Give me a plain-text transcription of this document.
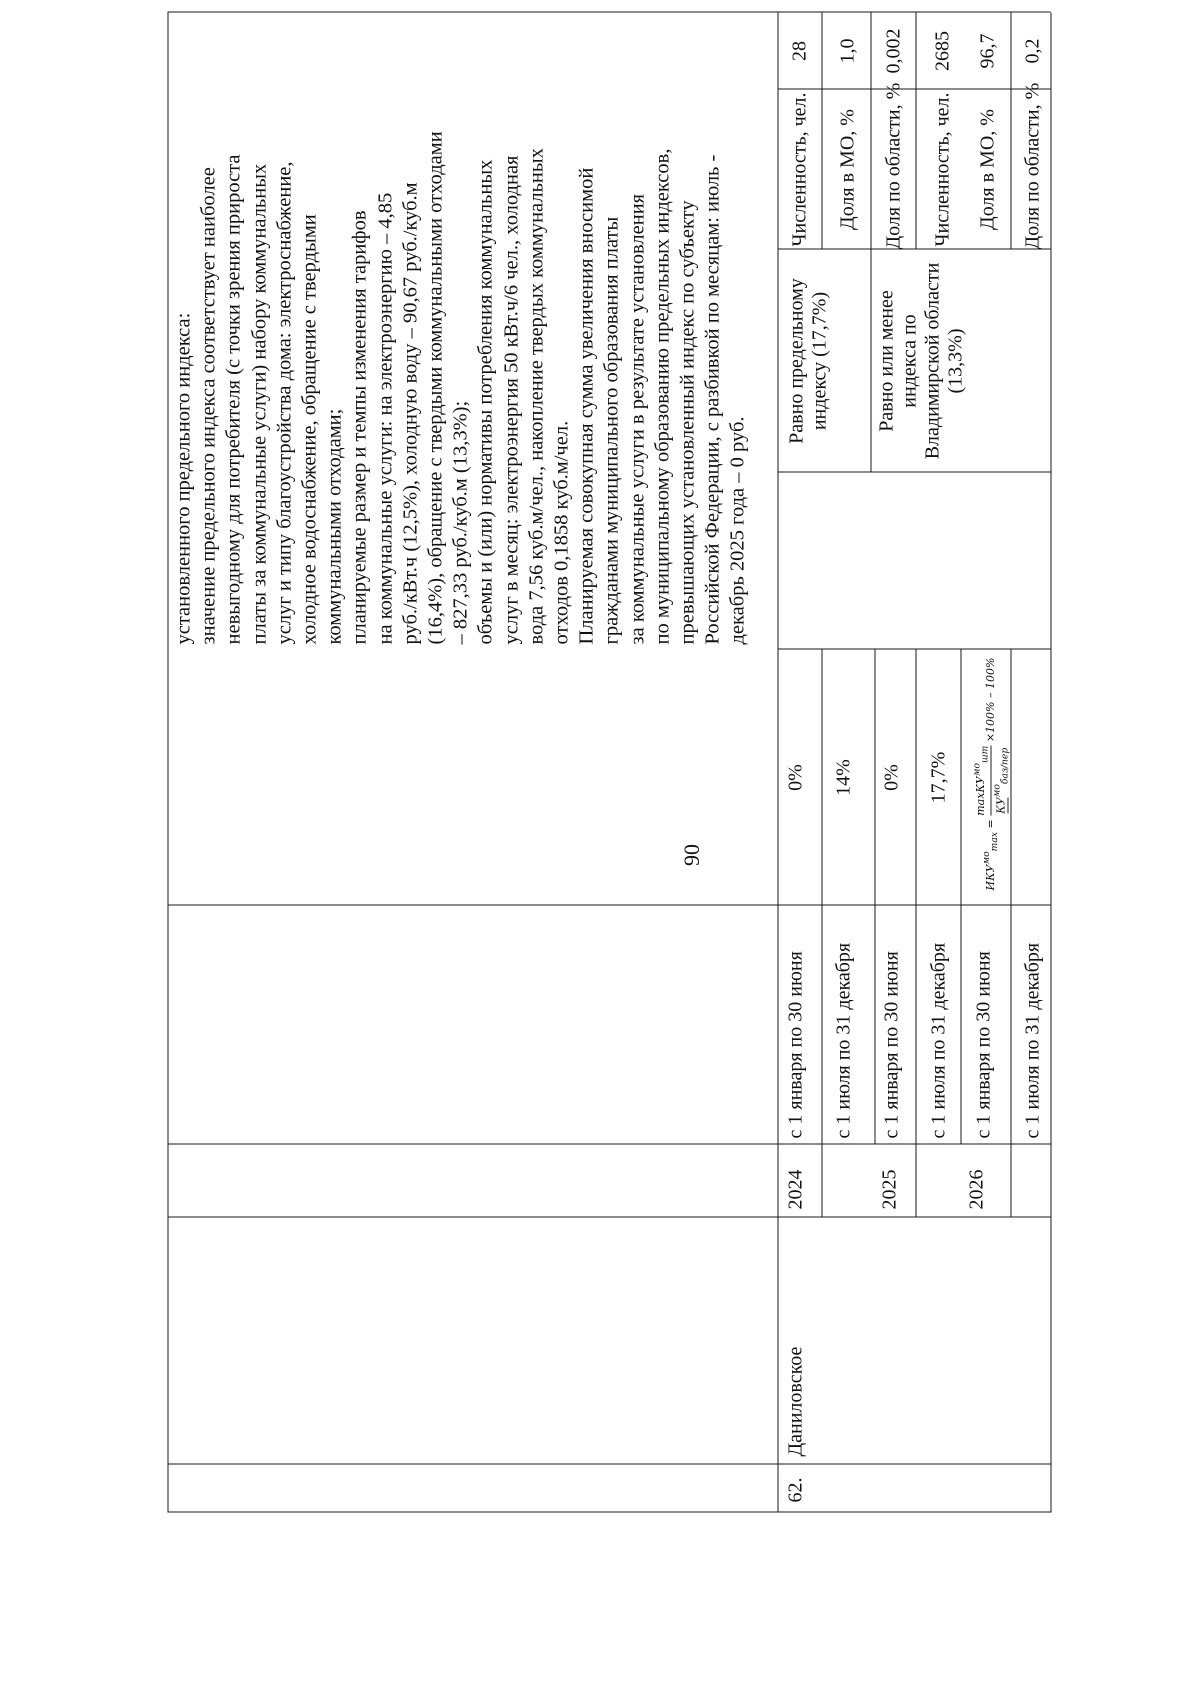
90
62.
Даниловское
2024	2025	2026
с 1 января по 30 июня с 1 июля по 31 декабря с 1 января по 30 июня с 1 июля по 31 декабря с 1 января по 30 июня с 1 июля по 31 декабря
0% 14% 0% 17,7%
$ИКУ^{мо}_{max}$ =
maxКУ$^{мо}_{шт}$
$КУ^{мо}_{баз/пер}$
×100% – 100%
установленного предельного индекса: значение предельного индекса соответствует наиболее невыгодному для потребителя (с точки зрения прироста платы за коммунальные услуги) набору коммунальных услуг и типу благоустройства дома: электроснабжение, холодное водоснабжение, обращение с твердыми коммунальными отходами; планируемые размер и темпы изменения тарифов на коммунальные услуги: на электроэнергию – 4,85 руб./кВт.ч (12,5%), холодную воду – 90,67 руб./куб.м (16,4%), обращение с твердыми коммунальными отходами – 827,33 руб./куб.м (13,3%); объемы и (или) нормативы потребления коммунальных услуг в месяц: электроэнергия 50 кВт.ч/6 чел., холодная вода 7,56 куб.м/чел., накопление твердых коммунальных отходов 0,1858 куб.м/чел. Планируемая совокупная сумма увеличения вносимой гражданами муниципального образования платы за коммунальные услуги в результате установления по муниципальному образованию предельных индексов, превышающих установленный индекс по субъекту Российской Федерации, с разбивкой по месяцам: июль - декабрь 2025 года – 0 руб.
Равно предельному индексу (17,7%) Равно или менее индекса по Владимирской области (13,3%)
Численность, чел. Доля в МО, % Доля по области, % Численность, чел. Доля в МО, % Доля по области, %
28 1,0 0,002 2685 96,7 0,2
